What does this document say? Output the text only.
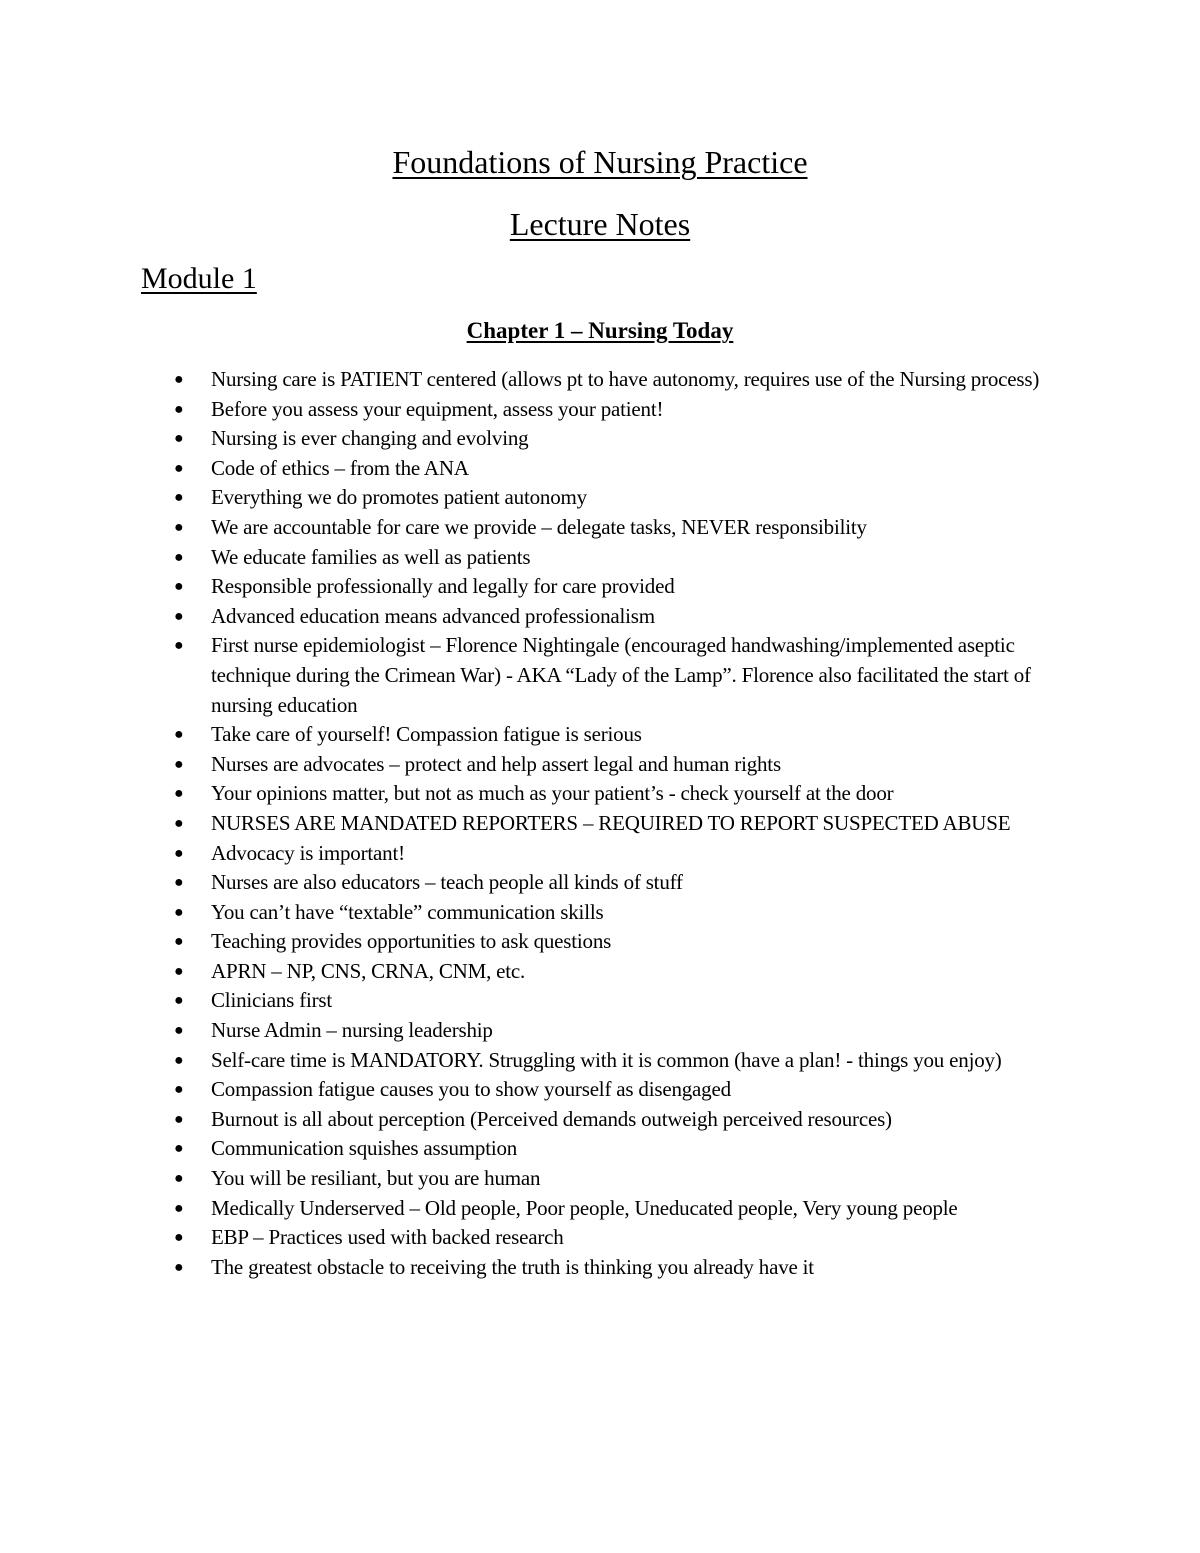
Foundations of Nursing Practice
Lecture Notes
Module 1
Chapter 1 – Nursing Today
● Nursing care is PATIENT centered (allows pt to have autonomy, requires use of the Nursing process)
● Before you assess your equipment, assess your patient!
● Nursing is ever changing and evolving
● Code of ethics – from the ANA
● Everything we do promotes patient autonomy
● We are accountable for care we provide – delegate tasks, NEVER responsibility
● We educate families as well as patients
● Responsible professionally and legally for care provided
● Advanced education means advanced professionalism
● First nurse epidemiologist – Florence Nightingale (encouraged handwashing/implemented aseptic technique during the Crimean War) - AKA “Lady of the Lamp”. Florence also facilitated the start of nursing education
● Take care of yourself! Compassion fatigue is serious
● Nurses are advocates – protect and help assert legal and human rights
● Your opinions matter, but not as much as your patient’s - check yourself at the door
● NURSES ARE MANDATED REPORTERS – REQUIRED TO REPORT SUSPECTED ABUSE
● Advocacy is important!
● Nurses are also educators – teach people all kinds of stuff
● You can’t have “textable” communication skills
● Teaching provides opportunities to ask questions
● APRN – NP, CNS, CRNA, CNM, etc.
● Clinicians first
● Nurse Admin – nursing leadership
● Self-care time is MANDATORY. Struggling with it is common (have a plan! - things you enjoy)
● Compassion fatigue causes you to show yourself as disengaged
● Burnout is all about perception (Perceived demands outweigh perceived resources)
● Communication squishes assumption
● You will be resiliant, but you are human
● Medically Underserved – Old people, Poor people, Uneducated people, Very young people
● EBP – Practices used with backed research
● The greatest obstacle to receiving the truth is thinking you already have it
